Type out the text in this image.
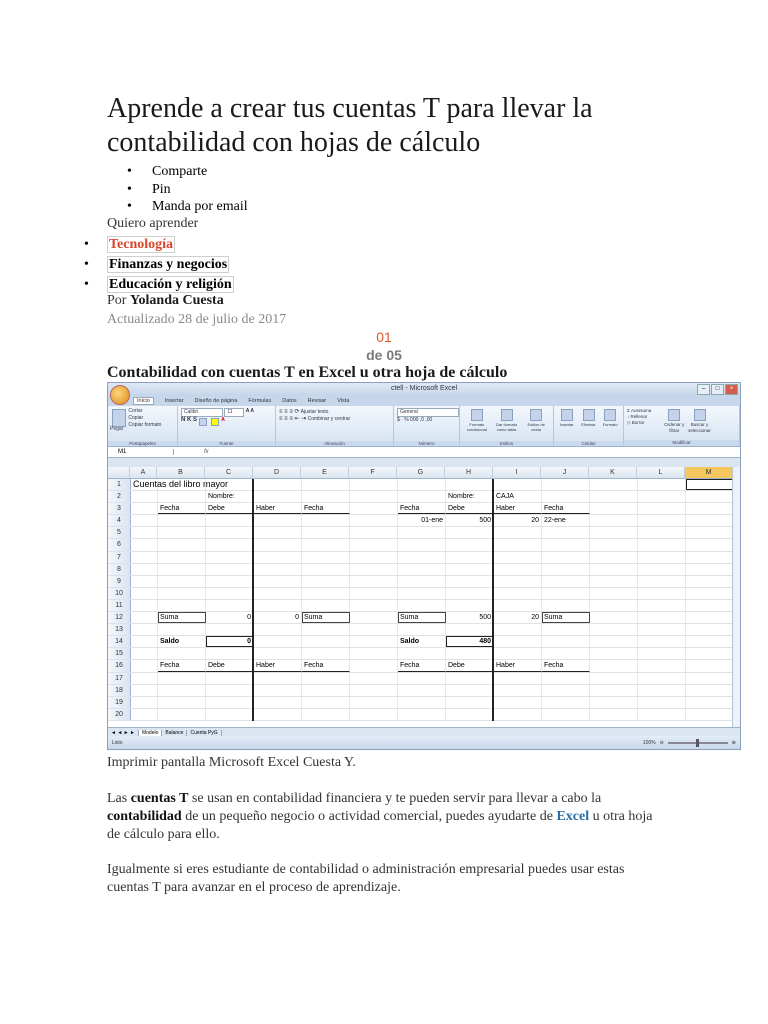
Aprende a crear tus cuentas T para llevar la contabilidad con hojas de cálculo
• Comparte
• Pin
• Manda por email
Quiero aprender
• Tecnología
• Finanzas y negocios
• Educación y religión
Por Yolanda Cuesta
Actualizado 28 de julio de 2017
01
de 05
Contabilidad con cuentas T en Excel u otra hoja de cálculo
ctell - Microsoft Excel	–	□	×
Inicio	Insertar Diseño de página Fórmulas Datos Revisar Vista
Cortar
Copiar
Copiar formato
Pegar
Portapapeles
Calibri	11	A A
N K S	A
Fuente
≡ ≡ ≡ ⟳ Ajustar texto
≡ ≡ ≡ ⇤ ⇥ Combinar y centrar
Alineación
General
$ · % 000 ,0 ,00
Número

Formato condicional

Dar formato como tabla

Estilos de celda
Estilos

Insertar	Eliminar	Formato
Celdas
Σ Autosuma
↓ Rellenar
◇ Borrar	Ordenar y filtrar
Buscar y seleccionar
Modificar
M1	fx
A	B	C	D	E	F	G	H	I	J	K	L	M
1	Cuentas del libro mayor
2	Nombre:	Nombre:	CAJA
3	Fecha	Debe	Haber	Fecha	Fecha	Debe	Haber	Fecha
4	01-ene	500	20 22-ene
5
6
7
8
9
10
11
12	Suma	0	0 Suma	Suma	500	20 Suma
13
14	Saldo	0	Saldo	480
15
16	Fecha	Debe	Haber	Fecha	Fecha	Debe	Haber	Fecha
17
18
19
20
◄ ◄ ► ►	Modelo	Balance	Cuenta PyG
Listo	100% ⊖	⊕
Imprimir pantalla Microsoft Excel Cuesta Y.

Las cuentas T se usan en contabilidad financiera y te pueden servir para llevar a cabo la contabilidad de un pequeño negocio o actividad comercial, puedes ayudarte de Excel u otra hoja de cálculo para ello.

Igualmente si eres estudiante de contabilidad o administración empresarial puedes usar estas cuentas T para avanzar en el proceso de aprendizaje.
